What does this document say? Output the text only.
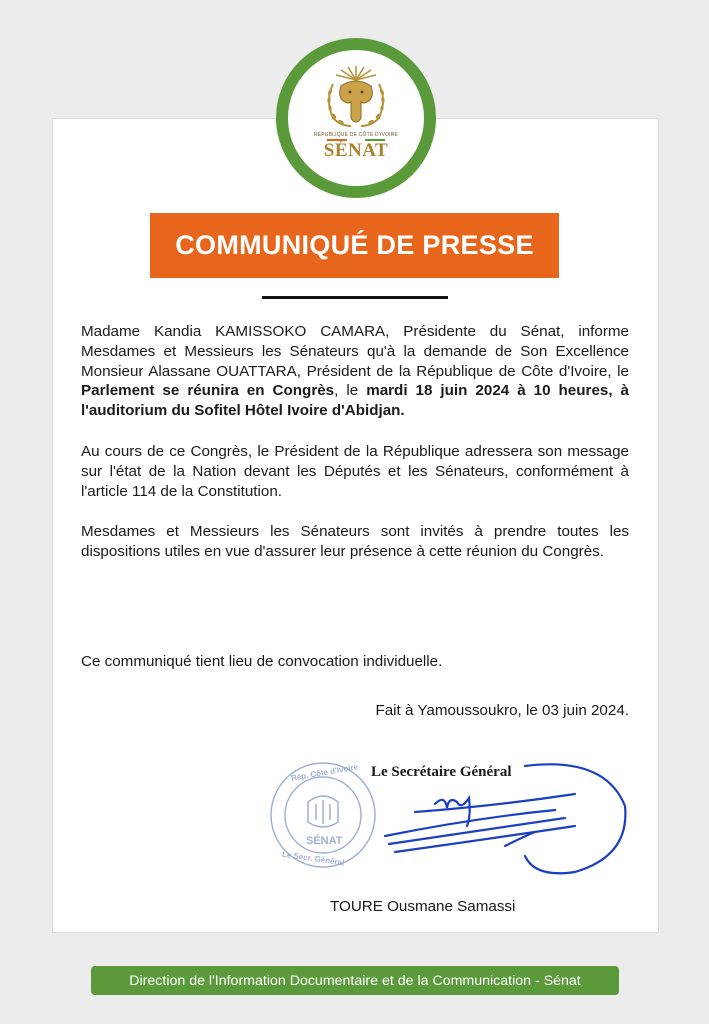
RÉPUBLIQUE DE CÔTE D'IVOIRE
SÉNAT
COMMUNIQUÉ DE PRESSE

Madame Kandia KAMISSOKO CAMARA, Présidente du Sénat, informe Mesdames et Messieurs les Sénateurs qu'à la demande de Son Excellence Monsieur Alassane OUATTARA, Président de la République de Côte d'Ivoire, le Parlement se réunira en Congrès, le mardi 18 juin 2024 à 10 heures, à l'auditorium du Sofitel Hôtel Ivoire d'Abidjan.

Au cours de ce Congrès, le Président de la République adressera son message sur l'état de la Nation devant les Députés et les Sénateurs, conformément à l'article 114 de la Constitution.

Mesdames et Messieurs les Sénateurs sont invités à prendre toutes les dispositions utiles en vue d'assurer leur présence à cette réunion du Congrès.

Ce communiqué tient lieu de convocation individuelle.
Fait à Yamoussoukro, le 03 juin 2024.
Rép. Côte d'Ivoire
SÉNAT
Le Secr. Général
Le Secrétaire Général
TOURE Ousmane Samassi
Direction de l'Information Documentaire et de la Communication - Sénat
